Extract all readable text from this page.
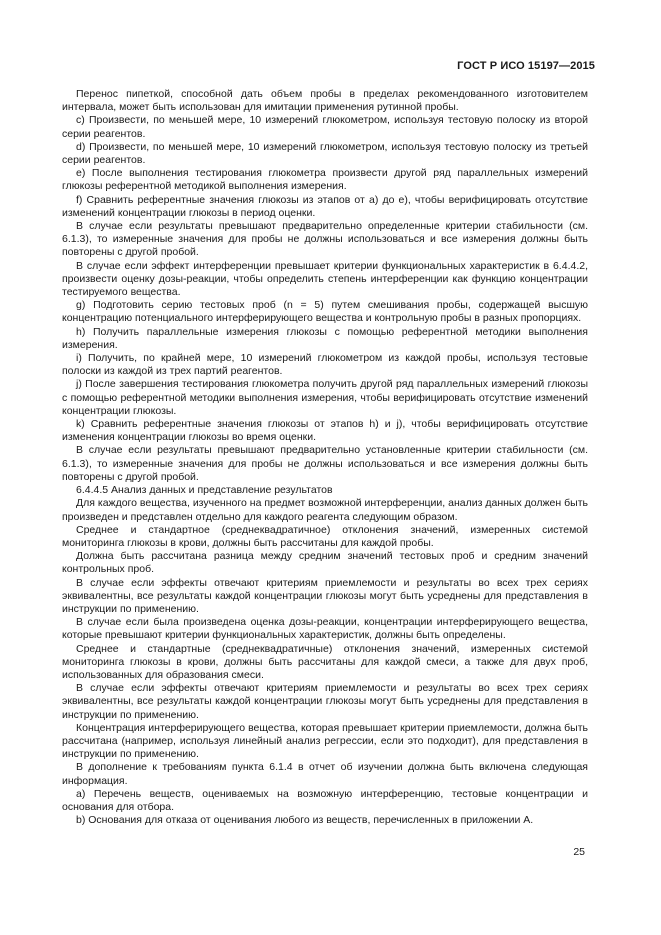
ГОСТ Р ИСО 15197—2015

Перенос пипеткой, способной дать объем пробы в пределах рекомендованного изготовителем интервала, может быть использован для имитации применения рутинной пробы.

c) Произвести, по меньшей мере, 10 измерений глюкометром, используя тестовую полоску из второй серии реагентов.

d) Произвести, по меньшей мере, 10 измерений глюкометром, используя тестовую полоску из третьей серии реагентов.

e) После выполнения тестирования глюкометра произвести другой ряд параллельных измерений глюкозы референтной методикой выполнения измерения.

f) Сравнить референтные значения глюкозы из этапов от a) до e), чтобы верифицировать отсутствие изменений концентрации глюкозы в период оценки.

В случае если результаты превышают предварительно определенные критерии стабильности (см. 6.1.3), то измеренные значения для пробы не должны использоваться и все измерения должны быть повторены с другой пробой.

В случае если эффект интерференции превышает критерии функциональных характеристик в 6.4.4.2, произвести оценку дозы-реакции, чтобы определить степень интерференции как функцию концентрации тестируемого вещества.

g) Подготовить серию тестовых проб (n = 5) путем смешивания пробы, содержащей высшую концентрацию потенциального интерферирующего вещества и контрольную пробы в разных пропорциях.

h) Получить параллельные измерения глюкозы с помощью референтной методики выполнения измерения.

i) Получить, по крайней мере, 10 измерений глюкометром из каждой пробы, используя тестовые полоски из каждой из трех партий реагентов.

j) После завершения тестирования глюкометра получить другой ряд параллельных измерений глюкозы с помощью референтной методики выполнения измерения, чтобы верифицировать отсутствие изменений концентрации глюкозы.

k) Сравнить референтные значения глюкозы от этапов h) и j), чтобы верифицировать отсутствие изменения концентрации глюкозы во время оценки.

В случае если результаты превышают предварительно установленные критерии стабильности (см. 6.1.3), то измеренные значения для пробы не должны использоваться и все измерения должны быть повторены с другой пробой.

6.4.4.5 Анализ данных и представление результатов

Для каждого вещества, изученного на предмет возможной интерференции, анализ данных должен быть произведен и представлен отдельно для каждого реагента следующим образом.

Среднее и стандартное (среднеквадратичное) отклонения значений, измеренных системой мониторинга глюкозы в крови, должны быть рассчитаны для каждой пробы.

Должна быть рассчитана разница между средним значений тестовых проб и средним значений контрольных проб.

В случае если эффекты отвечают критериям приемлемости и результаты во всех трех сериях эквивалентны, все результаты каждой концентрации глюкозы могут быть усреднены для представления в инструкции по применению.

В случае если была произведена оценка дозы-реакции, концентрации интерферирующего вещества, которые превышают критерии функциональных характеристик, должны быть определены.

Среднее и стандартные (среднеквадратичные) отклонения значений, измеренных системой мониторинга глюкозы в крови, должны быть рассчитаны для каждой смеси, а также для двух проб, использованных для образования смеси.

В случае если эффекты отвечают критериям приемлемости и результаты во всех трех сериях эквивалентны, все результаты каждой концентрации глюкозы могут быть усреднены для представления в инструкции по применению.

Концентрация интерферирующего вещества, которая превышает критерии приемлемости, должна быть рассчитана (например, используя линейный анализ регрессии, если это подходит), для представления в инструкции по применению.

В дополнение к требованиям пункта 6.1.4 в отчет об изучении должна быть включена следующая информация.

a) Перечень веществ, оцениваемых на возможную интерференцию, тестовые концентрации и основания для отбора.

b) Основания для отказа от оценивания любого из веществ, перечисленных в приложении А.

25
